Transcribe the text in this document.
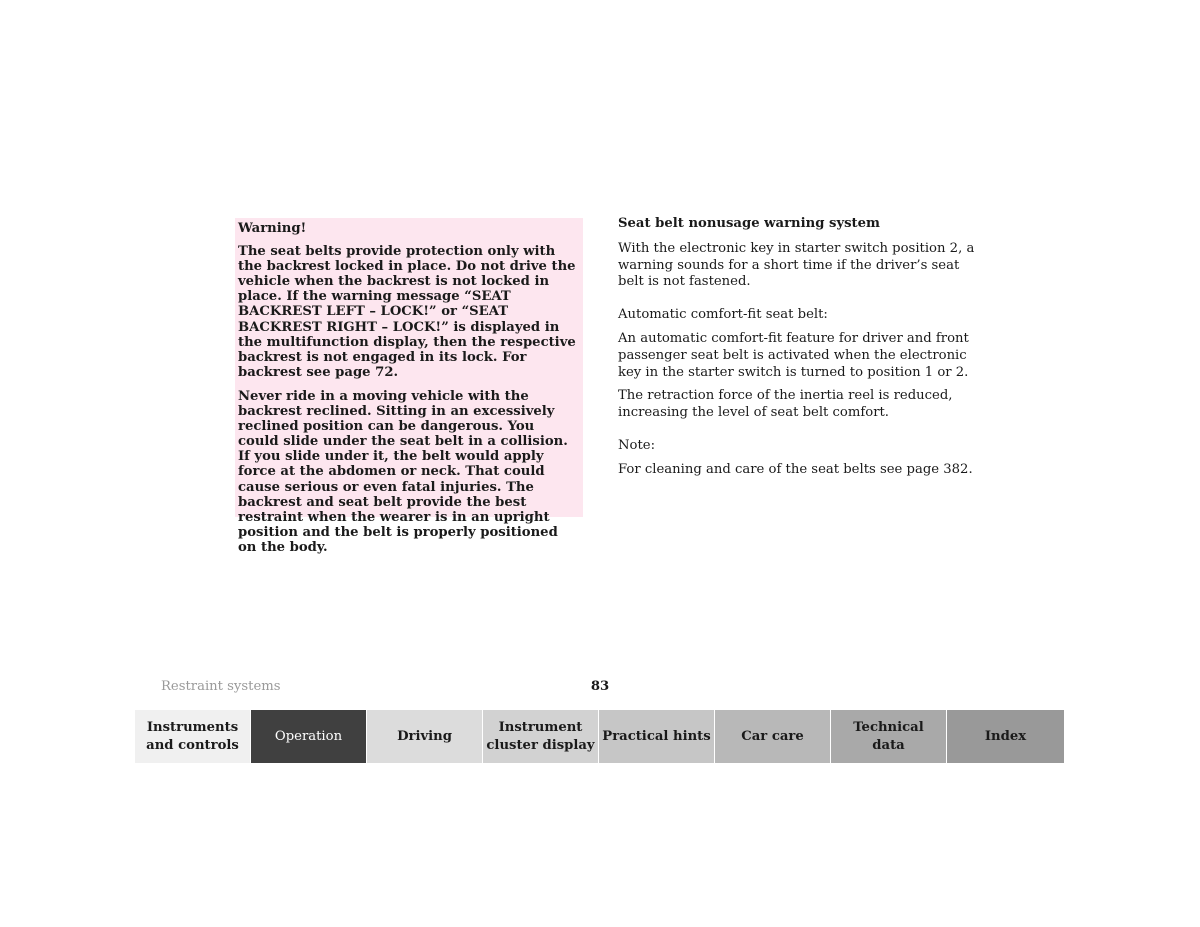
Warning!

The seat belts provide protection only with the backrest locked in place. Do not drive the vehicle when the backrest is not locked in place. If the warning message “SEAT BACKREST LEFT – LOCK!” or “SEAT BACKREST RIGHT – LOCK!” is displayed in the multifunction display, then the respective backrest is not engaged in its lock. For backrest see page 72.

Never ride in a moving vehicle with the backrest reclined. Sitting in an excessively reclined position can be dangerous. You could slide under the seat belt in a collision. If you slide under it, the belt would apply force at the abdomen or neck. That could cause serious or even fatal injuries. The backrest and seat belt provide the best restraint when the wearer is in an upright position and the belt is properly positioned on the body.

Seat belt nonusage warning system

With the electronic key in starter switch position 2, a warning sounds for a short time if the driver’s seat belt is not fastened.

Automatic comfort-fit seat belt:

An automatic comfort-fit feature for driver and front passenger seat belt is activated when the electronic key in the starter switch is turned to position 1 or 2.

The retraction force of the inertia reel is reduced, increasing the level of seat belt comfort.

Note:

For cleaning and care of the seat belts see page 382.

Restraint systems	83
Instruments
and controls
Operation	Driving
Instrument
cluster display
Practical hints	Car care
Technical
data
Index
